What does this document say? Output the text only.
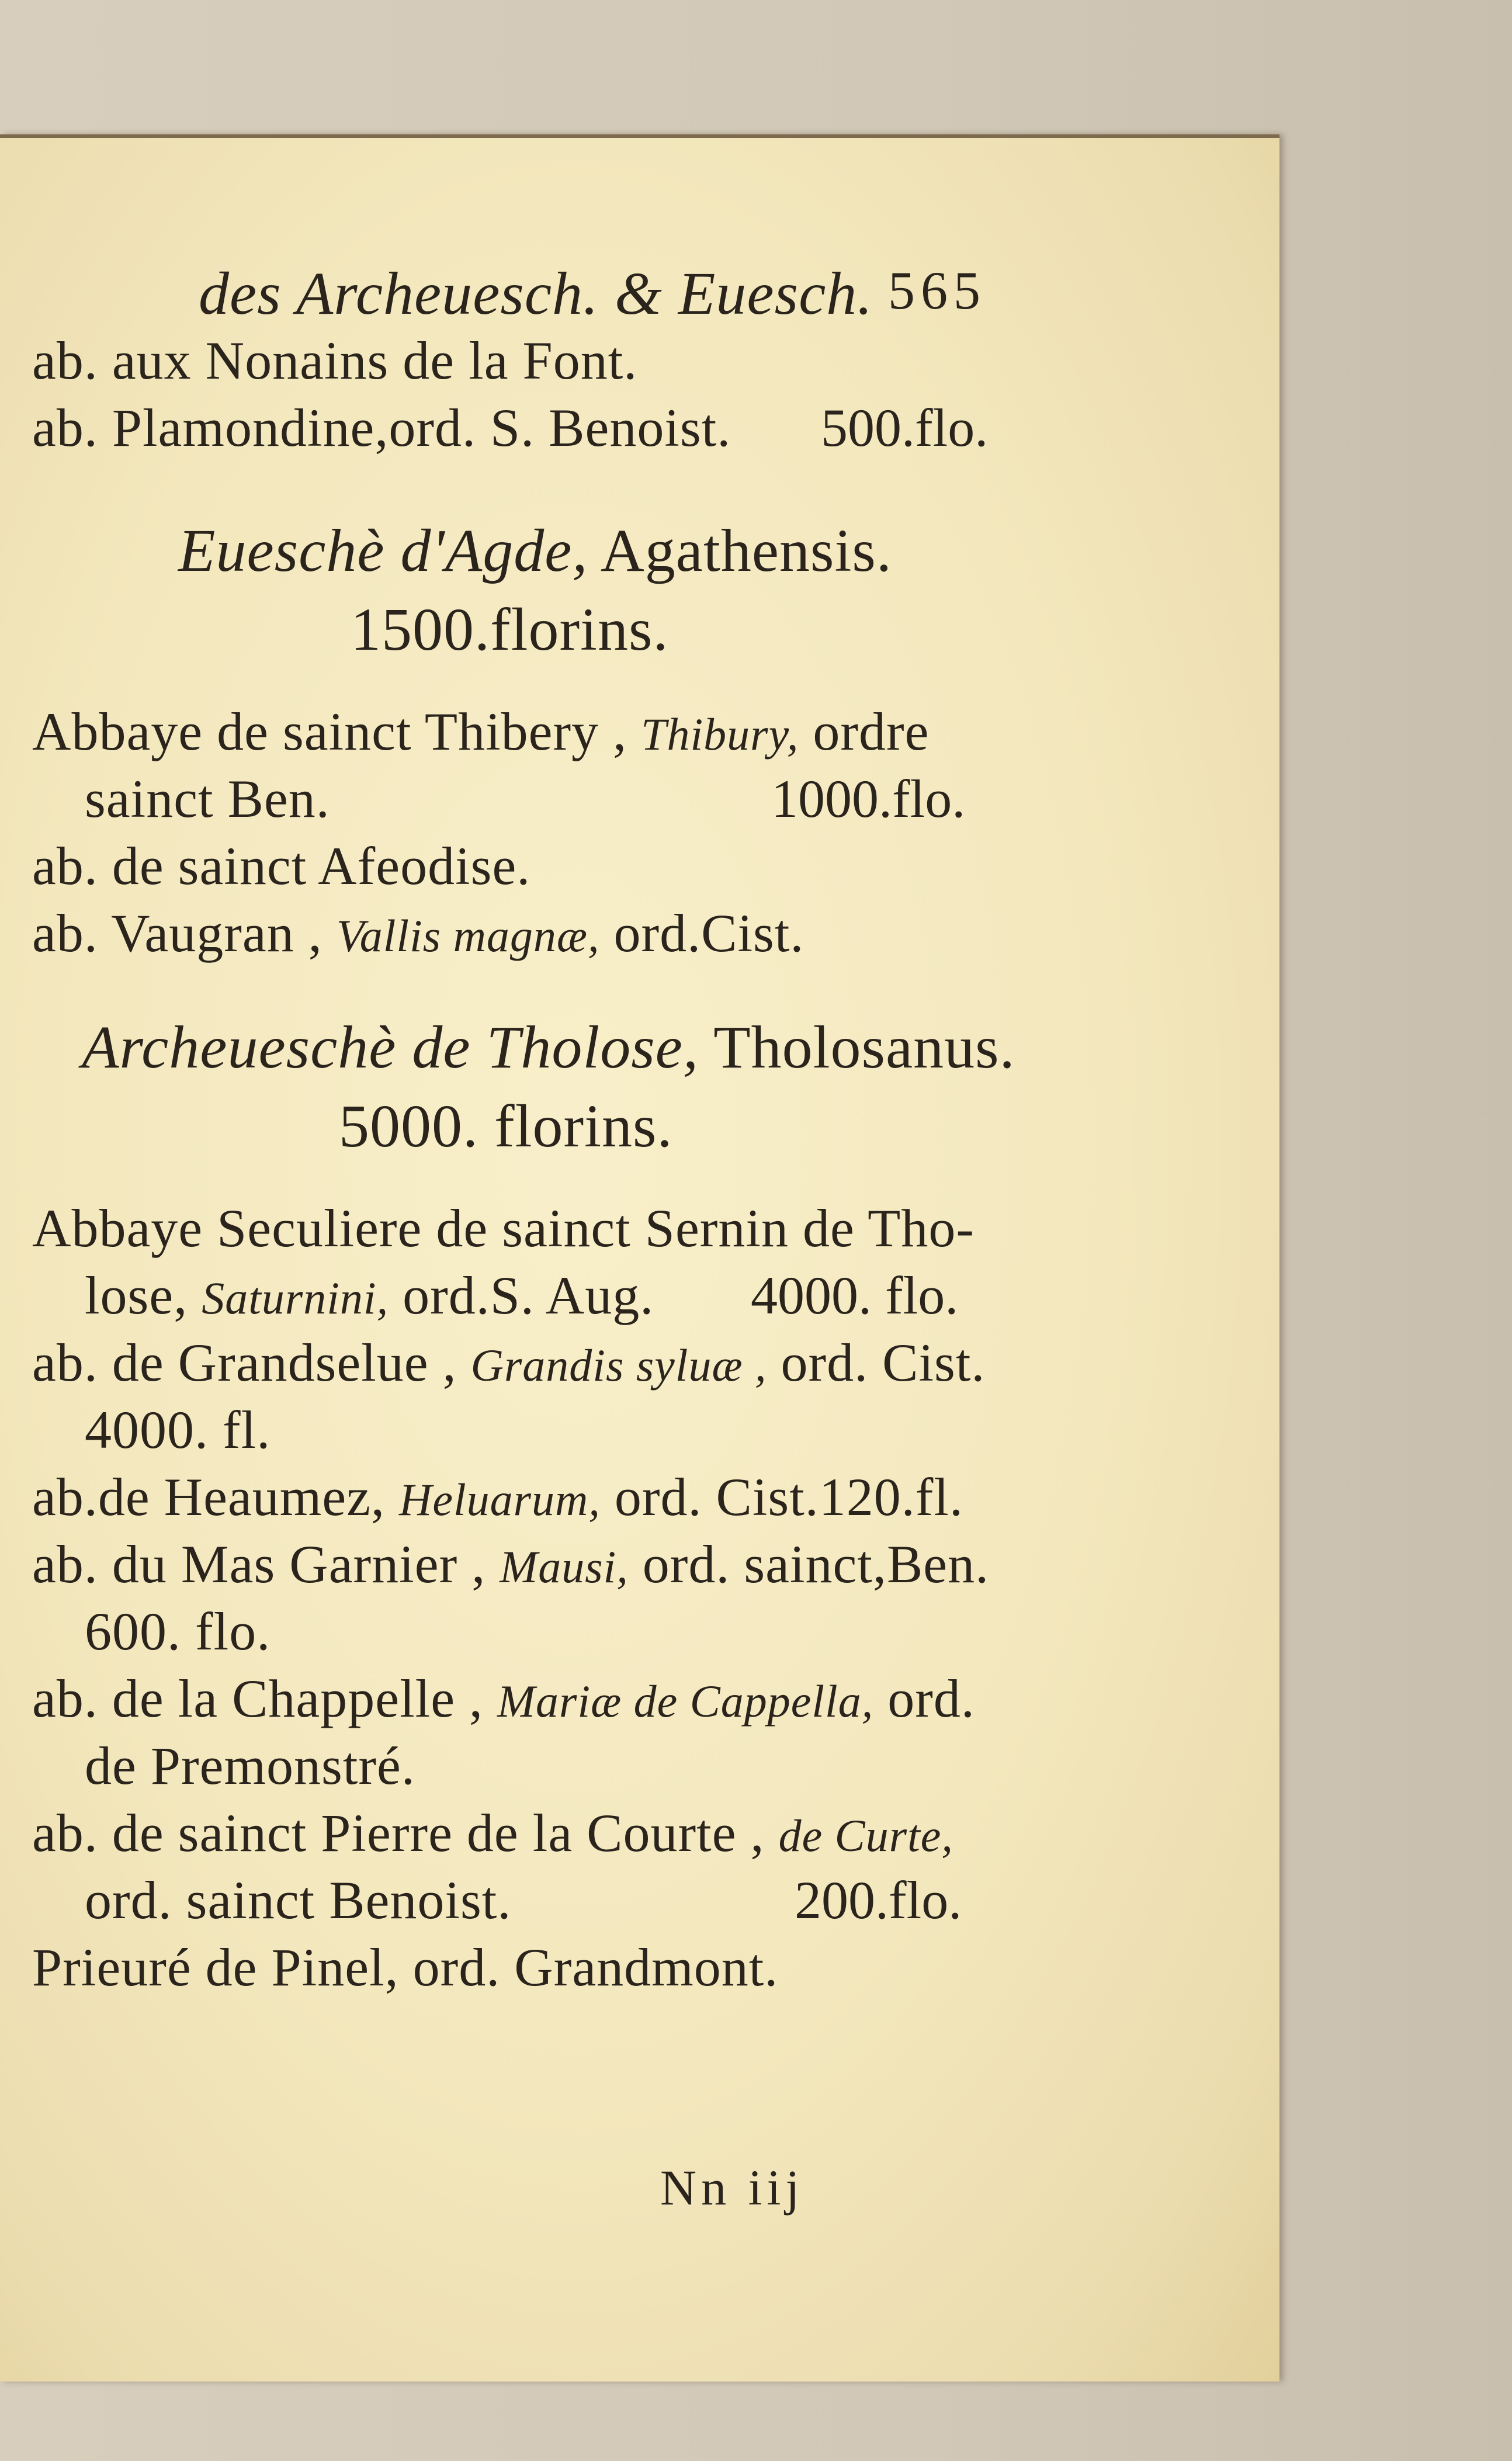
des Archeuesch. & Euesch. 565
ab. aux Nonains de la Font.
ab. Plamondine,ord. S. Benoist. 500.flo.
Eueschè d'Agde, Agathensis.
1500.florins.
Abbaye de sainct Thibery , Thibury, ordre
sainct Ben.	1000.flo.
ab. de sainct Afeodise.
ab. Vaugran , Vallis magnæ, ord.Cist.
Archeueschè de Tholose, Tholosanus.
5000. florins.
Abbaye Seculiere de sainct Sernin de Tho-
lose, Saturnini, ord.S. Aug. 4000. flo.
ab. de Grandselue , Grandis syluæ , ord. Cist.
4000. fl.
ab.de Heaumez, Heluarum, ord. Cist.120.fl.
ab. du Mas Garnier , Mausi, ord. sainct,Ben.
600. flo.
ab. de la Chappelle , Mariæ de Cappella, ord.
de Premonstré.
ab. de sainct Pierre de la Courte , de Curte,
ord. sainct Benoist.	200.flo.
Prieuré de Pinel, ord. Grandmont.
Nn iij
